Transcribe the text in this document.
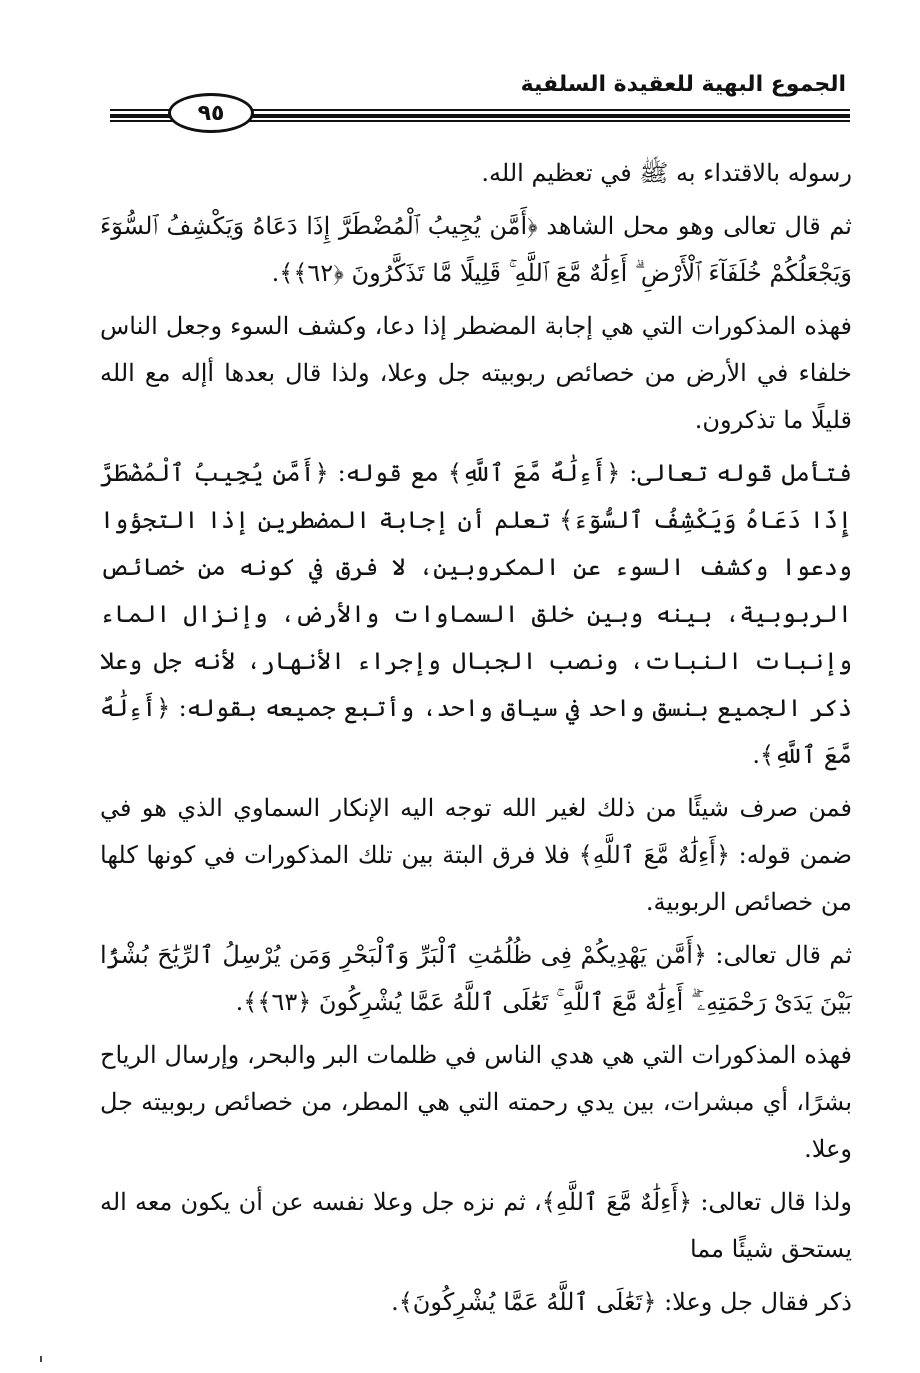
الجموع البهية للعقيدة السلفية
٩٥

رسوله بالاقتداء به ﷺ في تعظيم الله.

ثم قال تعالى وهو محل الشاهد ﴿أَمَّن يُجِيبُ ٱلْمُضْطَرَّ إِذَا دَعَاهُ وَيَكْشِفُ ٱلسُّوٓءَ وَيَجْعَلُكُمْ خُلَفَآءَ ٱلْأَرْضِ ۗ أَءِلَٰهٌ مَّعَ ٱللَّهِ ۚ قَلِيلًا مَّا تَذَكَّرُونَ ﴿٦٢﴾﴾.

فهذه المذكورات التي هي إجابة المضطر إذا دعا، وكشف السوء وجعل الناس خلفاء في الأرض من خصائص ربوبيته جل وعلا، ولذا قال بعدها أإله مع الله قليلًا ما تذكرون.

فتأمل قوله تعالى: ﴿أَءِلَٰهٌ مَّعَ ٱللَّهِ﴾ مع قوله: ﴿أَمَّن يُجِيبُ ٱلْمُضْطَرَّ إِذَا دَعَاهُ وَيَكْشِفُ ٱلسُّوٓءَ﴾ تعلم أن إجابة المضطرين إذا التجؤوا ودعوا وكشف السوء عن المكروبين، لا فرق في كونه من خصائص الربوبية، بينه وبين خلق السماوات والأرض، وإنزال الماء وإنبات النبات، ونصب الجبال وإجراء الأنهار، لأنه جل وعلا ذكر الجميع بنسق واحد في سياق واحد، وأتبع جميعه بقوله: ﴿أَءِلَٰهٌ مَّعَ ٱللَّهِ﴾.

فمن صرف شيئًا من ذلك لغير الله توجه اليه الإنكار السماوي الذي هو في ضمن قوله: ﴿أَءِلَٰهٌ مَّعَ ٱللَّهِ﴾ فلا فرق البتة بين تلك المذكورات في كونها كلها من خصائص الربوبية.

ثم قال تعالى: ﴿أَمَّن يَهْدِيكُمْ فِى ظُلُمَٰتِ ٱلْبَرِّ وَٱلْبَحْرِ وَمَن يُرْسِلُ ٱلرِّيَٰحَ بُشْرًۢا بَيْنَ يَدَىْ رَحْمَتِهِۦٓ ۗ أَءِلَٰهٌ مَّعَ ٱللَّهِ ۚ تَعَٰلَى ٱللَّهُ عَمَّا يُشْرِكُونَ ﴿٦٣﴾﴾.

فهذه المذكورات التي هي هدي الناس في ظلمات البر والبحر، وإرسال الرياح بشرًا، أي مبشرات، بين يدي رحمته التي هي المطر، من خصائص ربوبيته جل وعلا.

ولذا قال تعالى: ﴿أَءِلَٰهٌ مَّعَ ٱللَّهِ﴾، ثم نزه جل وعلا نفسه عن أن يكون معه اله يستحق شيئًا مما

ذكر فقال جل وعلا: ﴿تَعَٰلَى ٱللَّهُ عَمَّا يُشْرِكُونَ﴾.
